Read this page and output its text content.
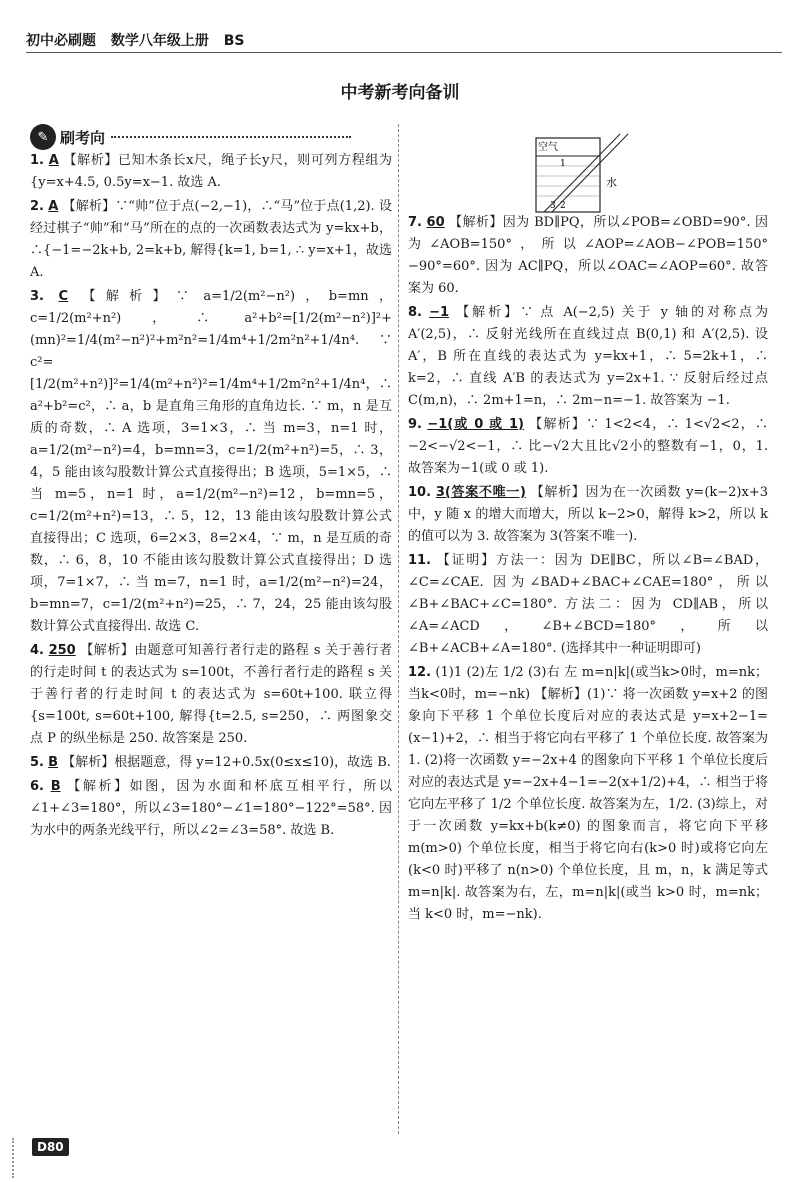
初中必刷题 数学八年级上册 BS
中考新考向备训
✎ 刷考向
空气
水
1
3 2

1. A 【解析】已知木条长x尺，绳子长y尺，则可列方程组为{y=x+4.5, 0.5y=x−1. 故选 A.

2. A 【解析】∵“帅”位于点(−2,−1)，∴“马”位于点(1,2). 设经过棋子“帅”和“马”所在的点的一次函数表达式为 y=kx+b，∴{−1=−2k+b, 2=k+b, 解得{k=1, b=1, ∴ y=x+1，故选 A.

3. C 【解析】∵ a=1/2(m²−n²)，b=mn，c=1/2(m²+n²)，∴ a²+b²=[1/2(m²−n²)]²+(mn)²=1/4(m²−n²)²+m²n²=1/4m⁴+1/2m²n²+1/4n⁴. ∵ c²=[1/2(m²+n²)]²=1/4(m²+n²)²=1/4m⁴+1/2m²n²+1/4n⁴，∴ a²+b²=c²，∴ a，b 是直角三角形的直角边长. ∵ m，n 是互质的奇数，∴ A 选项，3=1×3，∴ 当 m=3，n=1 时，a=1/2(m²−n²)=4，b=mn=3，c=1/2(m²+n²)=5，∴ 3，4，5 能由该勾股数计算公式直接得出；B 选项，5=1×5，∴ 当 m=5，n=1 时，a=1/2(m²−n²)=12，b=mn=5，c=1/2(m²+n²)=13，∴ 5，12，13 能由该勾股数计算公式直接得出；C 选项，6=2×3，8=2×4，∵ m，n 是互质的奇数，∴ 6，8，10 不能由该勾股数计算公式直接得出；D 选项，7=1×7，∴ 当 m=7，n=1 时，a=1/2(m²−n²)=24，b=mn=7，c=1/2(m²+n²)=25，∴ 7，24，25 能由该勾股数计算公式直接得出. 故选 C.

4. 250 【解析】由题意可知善行者行走的路程 s 关于善行者的行走时间 t 的表达式为 s=100t，不善行者行走的路程 s 关于善行者的行走时间 t 的表达式为 s=60t+100. 联立得{s=100t, s=60t+100, 解得{t=2.5, s=250，∴ 两图象交点 P 的纵坐标是 250. 故答案是 250.

5. B 【解析】根据题意，得 y=12+0.5x(0≤x≤10)，故选 B.

6. B 【解析】如图，因为水面和杯底互相平行，所以∠1+∠3=180°，所以∠3=180°−∠1=180°−122°=58°. 因为水中的两条光线平行，所以∠2=∠3=58°. 故选 B.

7. 60 【解析】因为 BD∥PQ，所以∠POB=∠OBD=90°. 因为∠AOB=150°，所以∠AOP=∠AOB−∠POB=150°−90°=60°. 因为 AC∥PQ，所以∠OAC=∠AOP=60°. 故答案为 60.

8. −1 【解析】∵ 点 A(−2,5) 关于 y 轴的对称点为 A′(2,5)，∴ 反射光线所在直线过点 B(0,1) 和 A′(2,5). 设 A′，B 所在直线的表达式为 y=kx+1，∴ 5=2k+1，∴ k=2，∴ 直线 A′B 的表达式为 y=2x+1. ∵ 反射后经过点 C(m,n)，∴ 2m+1=n，∴ 2m−n=−1. 故答案为 −1.

9. −1(或 0 或 1) 【解析】∵ 1<2<4，∴ 1<√2<2，∴ −2<−√2<−1，∴ 比−√2大且比√2小的整数有−1，0，1. 故答案为−1(或 0 或 1).

10. 3(答案不唯一) 【解析】因为在一次函数 y=(k−2)x+3 中，y 随 x 的增大而增大，所以 k−2>0，解得 k>2，所以 k 的值可以为 3. 故答案为 3(答案不唯一).

11. 【证明】方法一：因为 DE∥BC，所以∠B=∠BAD，∠C=∠CAE. 因为∠BAD+∠BAC+∠CAE=180°，所以∠B+∠BAC+∠C=180°. 方法二：因为 CD∥AB，所以∠A=∠ACD，∠B+∠BCD=180°，所以∠B+∠ACB+∠A=180°. (选择其中一种证明即可)

12. (1)1 (2)左 1/2 (3)右 左 m=n|k|(或当k>0时，m=nk；当k<0时，m=−nk) 【解析】(1)∵ 将一次函数 y=x+2 的图象向下平移 1 个单位长度后对应的表达式是 y=x+2−1=(x−1)+2，∴ 相当于将它向右平移了 1 个单位长度. 故答案为 1. (2)将一次函数 y=−2x+4 的图象向下平移 1 个单位长度后对应的表达式是 y=−2x+4−1=−2(x+1/2)+4，∴ 相当于将它向左平移了 1/2 个单位长度. 故答案为左，1/2. (3)综上，对于一次函数 y=kx+b(k≠0) 的图象而言，将它向下平移 m(m>0) 个单位长度，相当于将它向右(k>0 时)或将它向左(k<0 时)平移了 n(n>0) 个单位长度，且 m，n，k 满足等式 m=n|k|. 故答案为右，左，m=n|k|(或当 k>0 时，m=nk；当 k<0 时，m=−nk).

D80
